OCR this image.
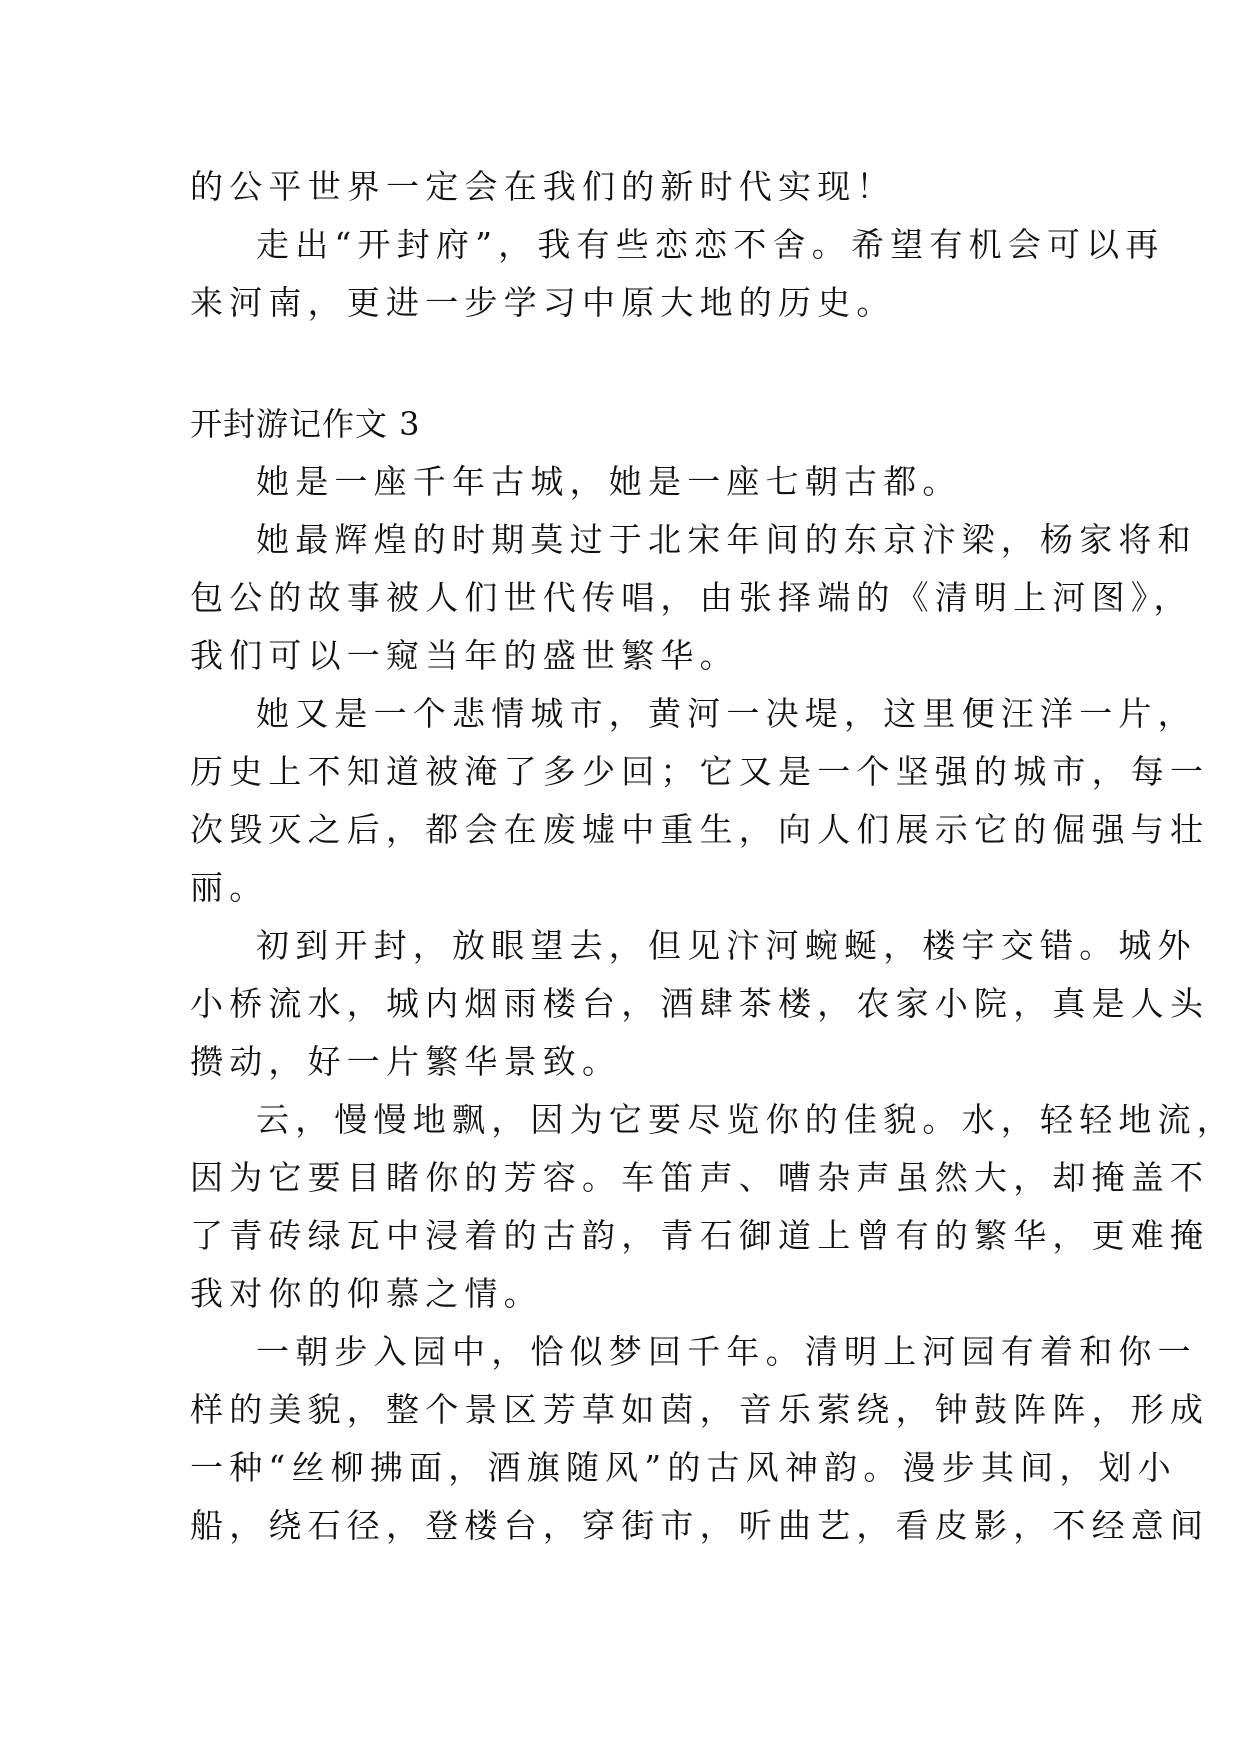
的公平世界一定会在我们的新时代实现！
走出“开封府”，我有些恋恋不舍。希望有机会可以再
来河南，更进一步学习中原大地的历史。
开封游记作文 3
她是一座千年古城，她是一座七朝古都。
她最辉煌的时期莫过于北宋年间的东京汴梁，杨家将和
包公的故事被人们世代传唱，由张择端的《清明上河图》，
我们可以一窥当年的盛世繁华。
她又是一个悲情城市，黄河一决堤，这里便汪洋一片，
历史上不知道被淹了多少回；它又是一个坚强的城市，每一
次毁灭之后，都会在废墟中重生，向人们展示它的倔强与壮
丽。
初到开封，放眼望去，但见汴河蜿蜒，楼宇交错。城外
小桥流水，城内烟雨楼台，酒肆茶楼，农家小院，真是人头
攒动，好一片繁华景致。
云，慢慢地飘，因为它要尽览你的佳貌。水，轻轻地流，
因为它要目睹你的芳容。车笛声、嘈杂声虽然大，却掩盖不
了青砖绿瓦中浸着的古韵，青石御道上曾有的繁华，更难掩
我对你的仰慕之情。
一朝步入园中，恰似梦回千年。清明上河园有着和你一
样的美貌，整个景区芳草如茵，音乐萦绕，钟鼓阵阵，形成
一种“丝柳拂面，酒旗随风”的古风神韵。漫步其间，划小
船，绕石径，登楼台，穿街市，听曲艺，看皮影，不经意间
